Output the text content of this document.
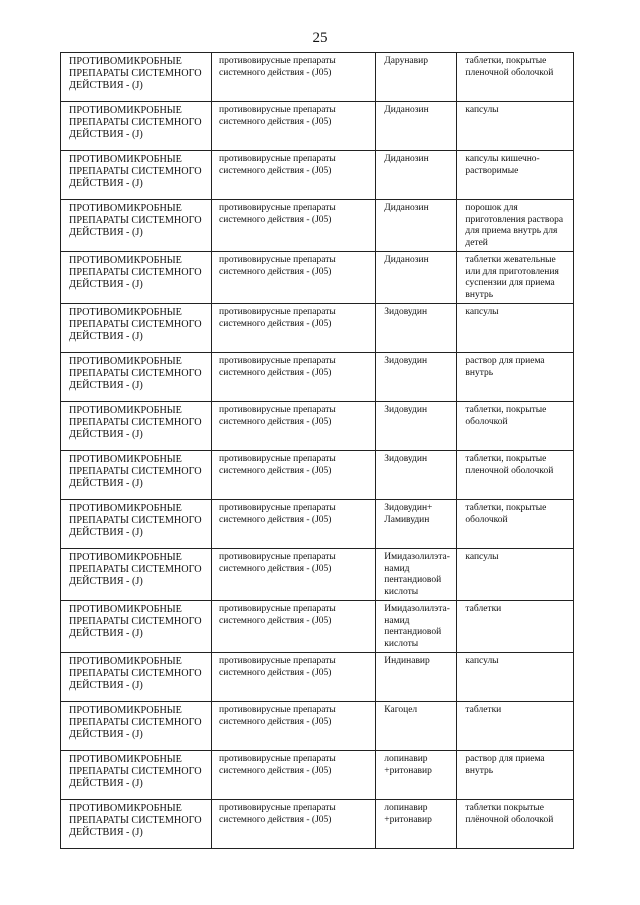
25
ПРОТИВОМИКРОБНЫЕ ПРЕПАРАТЫ СИСТЕМНОГО ДЕЙСТВИЯ - (J)	противовирусные препараты системного действия - (J05)	Дарунавир	таблетки, покрытые пленочной оболочкой
ПРОТИВОМИКРОБНЫЕ ПРЕПАРАТЫ СИСТЕМНОГО ДЕЙСТВИЯ - (J)	противовирусные препараты системного действия - (J05)	Диданозин	капсулы
ПРОТИВОМИКРОБНЫЕ ПРЕПАРАТЫ СИСТЕМНОГО ДЕЙСТВИЯ - (J)	противовирусные препараты системного действия - (J05)	Диданозин	капсулы кишечно-растворимые
ПРОТИВОМИКРОБНЫЕ ПРЕПАРАТЫ СИСТЕМНОГО ДЕЙСТВИЯ - (J)	противовирусные препараты системного действия - (J05)	Диданозин	порошок для приготовления раствора для приема внутрь для детей
ПРОТИВОМИКРОБНЫЕ ПРЕПАРАТЫ СИСТЕМНОГО ДЕЙСТВИЯ - (J)	противовирусные препараты системного действия - (J05)	Диданозин	таблетки жевательные или для приготовления суспензии для приема внутрь
ПРОТИВОМИКРОБНЫЕ ПРЕПАРАТЫ СИСТЕМНОГО ДЕЙСТВИЯ - (J)	противовирусные препараты системного действия - (J05)	Зидовудин	капсулы
ПРОТИВОМИКРОБНЫЕ ПРЕПАРАТЫ СИСТЕМНОГО ДЕЙСТВИЯ - (J)	противовирусные препараты системного действия - (J05)	Зидовудин	раствор для приема внутрь
ПРОТИВОМИКРОБНЫЕ ПРЕПАРАТЫ СИСТЕМНОГО ДЕЙСТВИЯ - (J)	противовирусные препараты системного действия - (J05)	Зидовудин	таблетки, покрытые оболочкой
ПРОТИВОМИКРОБНЫЕ ПРЕПАРАТЫ СИСТЕМНОГО ДЕЙСТВИЯ - (J)	противовирусные препараты системного действия - (J05)	Зидовудин	таблетки, покрытые пленочной оболочкой
ПРОТИВОМИКРОБНЫЕ ПРЕПАРАТЫ СИСТЕМНОГО ДЕЙСТВИЯ - (J)	противовирусные препараты системного действия - (J05)	Зидовудин+ Ламивудин	таблетки, покрытые оболочкой
ПРОТИВОМИКРОБНЫЕ ПРЕПАРАТЫ СИСТЕМНОГО ДЕЙСТВИЯ - (J)	противовирусные препараты системного действия - (J05)	Имидазолилэта-намид пентандиовой кислоты	капсулы
ПРОТИВОМИКРОБНЫЕ ПРЕПАРАТЫ СИСТЕМНОГО ДЕЙСТВИЯ - (J)	противовирусные препараты системного действия - (J05)	Имидазолилэта-намид пентандиовой кислоты	таблетки
ПРОТИВОМИКРОБНЫЕ ПРЕПАРАТЫ СИСТЕМНОГО ДЕЙСТВИЯ - (J)	противовирусные препараты системного действия - (J05)	Индинавир	капсулы
ПРОТИВОМИКРОБНЫЕ ПРЕПАРАТЫ СИСТЕМНОГО ДЕЙСТВИЯ - (J)	противовирусные препараты системного действия - (J05)	Кагоцел	таблетки
ПРОТИВОМИКРОБНЫЕ ПРЕПАРАТЫ СИСТЕМНОГО ДЕЙСТВИЯ - (J)	противовирусные препараты системного действия - (J05)	лопинавир +ритонавир	раствор для приема внутрь
ПРОТИВОМИКРОБНЫЕ ПРЕПАРАТЫ СИСТЕМНОГО ДЕЙСТВИЯ - (J)	противовирусные препараты системного действия - (J05)	лопинавир +ритонавир	таблетки покрытые плёночной оболочкой
